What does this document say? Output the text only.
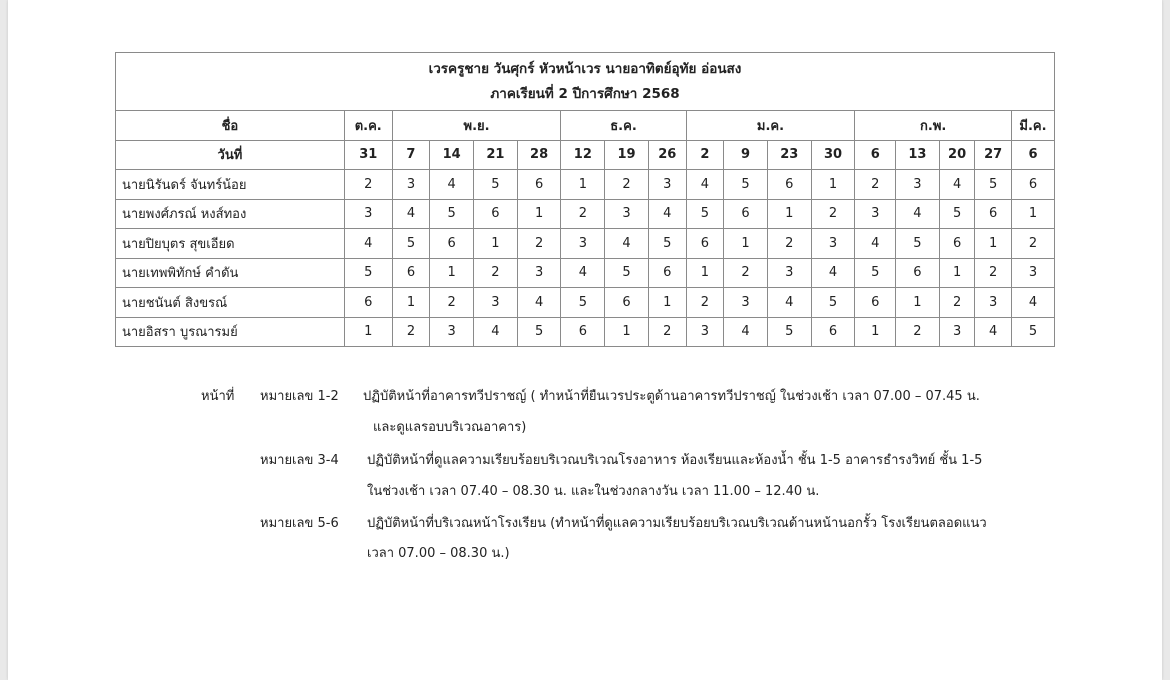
เวรครูชาย วันศุกร์ หัวหน้าเวร นายอาทิตย์อุทัย อ่อนสง
ภาคเรียนที่ 2 ปีการศึกษา 2568																	

ชื่อ	ต.ค.	พ.ย.				ธ.ค.			ม.ค.				ก.พ.				มี.ค.
วันที่	31	7	14	21	28	12	19	26	2	9	23	30	6	13	20	27	6
นายนิรันดร์ จันทร์น้อย	2	3	4	5	6	1	2	3	4	5	6	1	2	3	4	5	6
นายพงศ์ภรณ์ หงส์ทอง	3	4	5	6	1	2	3	4	5	6	1	2	3	4	5	6	1
นายปิยบุตร สุขเอียด	4	5	6	1	2	3	4	5	6	1	2	3	4	5	6	1	2
นายเทพพิทักษ์ คำดัน	5	6	1	2	3	4	5	6	1	2	3	4	5	6	1	2	3
นายชนันต์ สิงขรณ์	6	1	2	3	4	5	6	1	2	3	4	5	6	1	2	3	4
นายอิสรา บูรณารมย์	1	2	3	4	5	6	1	2	3	4	5	6	1	2	3	4	5
หน้าที่ หมายเลข 1-2 ปฏิบัติหน้าที่อาคารทวีปราชญ์ ( ทำหน้าที่ยืนเวรประตูด้านอาคารทวีปราชญ์ ในช่วงเช้า เวลา 07.00 – 07.45 น.
และดูแลรอบบริเวณอาคาร)
หมายเลข 3-4 ปฏิบัติหน้าที่ดูแลความเรียบร้อยบริเวณบริเวณโรงอาหาร ห้องเรียนและห้องน้ำ ชั้น 1-5 อาคารธำรงวิทย์ ชั้น 1-5
ในช่วงเช้า เวลา 07.40 – 08.30 น. และในช่วงกลางวัน เวลา 11.00 – 12.40 น.
หมายเลข 5-6 ปฏิบัติหน้าที่บริเวณหน้าโรงเรียน (ทำหน้าที่ดูแลความเรียบร้อยบริเวณบริเวณด้านหน้านอกรั้ว โรงเรียนตลอดแนว
เวลา 07.00 – 08.30 น.)
